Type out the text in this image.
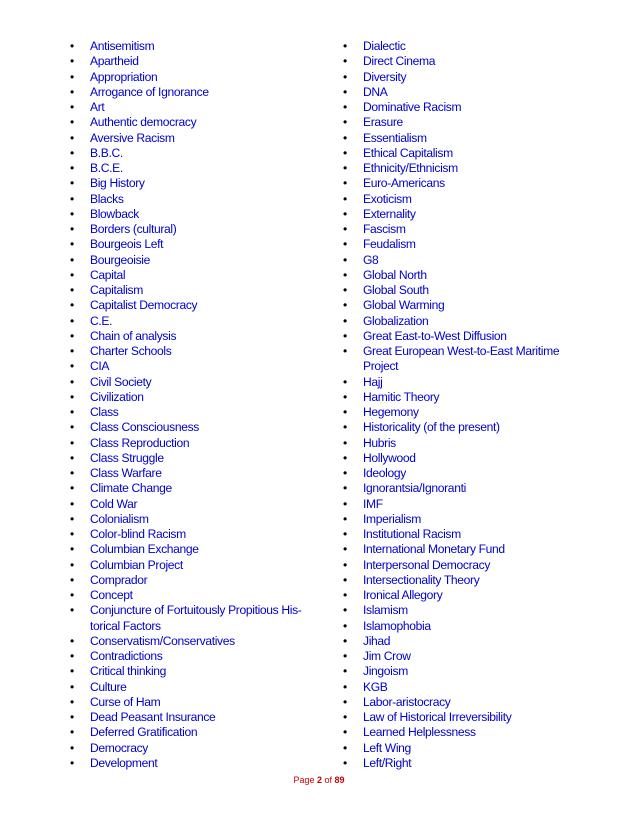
• Antisemitism
• Apartheid
• Appropriation
• Arrogance of Ignorance
• Art
• Authentic democracy
• Aversive Racism
• B.B.C.
• B.C.E.
• Big History
• Blacks
• Blowback
• Borders (cultural)
• Bourgeois Left
• Bourgeoisie
• Capital
• Capitalism
• Capitalist Democracy
• C.E.
• Chain of analysis
• Charter Schools
• CIA
• Civil Society
• Civilization
• Class
• Class Consciousness
• Class Reproduction
• Class Struggle
• Class Warfare
• Climate Change
• Cold War
• Colonialism
• Color-blind Racism
• Columbian Exchange
• Columbian Project
• Comprador
• Concept
• Conjuncture of Fortuitously Propitious His-torical Factors
• Conservatism/Conservatives
• Contradictions
• Critical thinking
• Culture
• Curse of Ham
• Dead Peasant Insurance
• Deferred Gratification
• Democracy
• Development
• Dialectic
• Direct Cinema
• Diversity
• DNA
• Dominative Racism
• Erasure
• Essentialism
• Ethical Capitalism
• Ethnicity/Ethnicism
• Euro-Americans
• Exoticism
• Externality
• Fascism
• Feudalism
• G8
• Global North
• Global South
• Global Warming
• Globalization
• Great East-to-West Diffusion
• Great European West-to-East Maritime Project
• Hajj
• Hamitic Theory
• Hegemony
• Historicality (of the present)
• Hubris
• Hollywood
• Ideology
• Ignorantsia/Ignoranti
• IMF
• Imperialism
• Institutional Racism
• International Monetary Fund
• Interpersonal Democracy
• Intersectionality Theory
• Ironical Allegory
• Islamism
• Islamophobia
• Jihad
• Jim Crow
• Jingoism
• KGB
• Labor-aristocracy
• Law of Historical Irreversibility
• Learned Helplessness
• Left Wing
• Left/Right
Page 2 of 89
